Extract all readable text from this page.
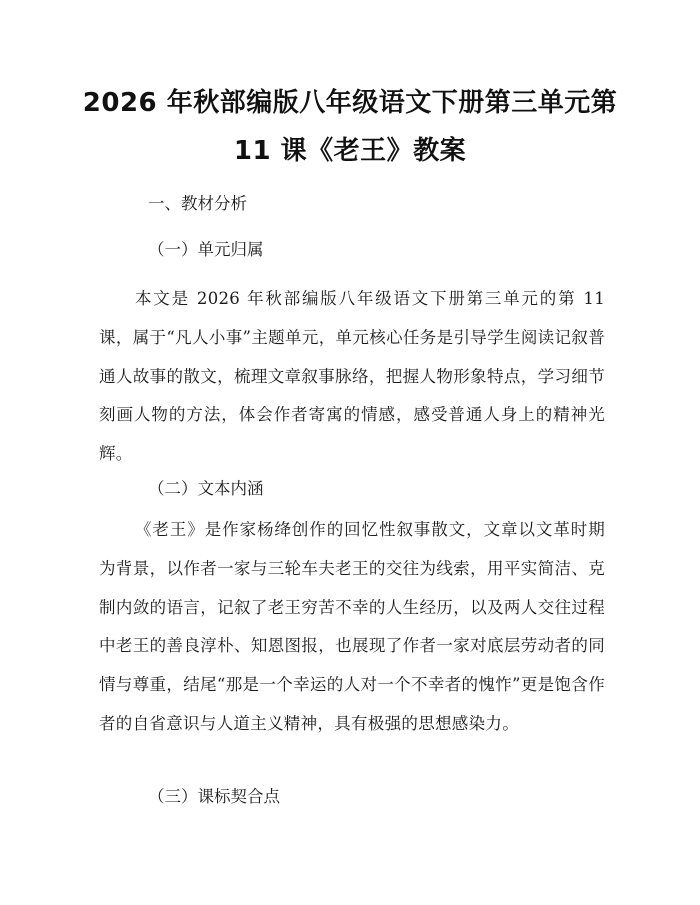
2026 年秋部编版八年级语文下册第三单元第
11 课《老王》教案
一、教材分析
（一）单元归属
本文是 2026 年秋部编版八年级语文下册第三单元的第 11 课，属于“凡人小事”主题单元，单元核心任务是引导学生阅读记叙普通人故事的散文，梳理文章叙事脉络，把握人物形象特点，学习细节刻画人物的方法，体会作者寄寓的情感，感受普通人身上的精神光辉。
（二）文本内涵
《老王》是作家杨绛创作的回忆性叙事散文，文章以文革时期为背景，以作者一家与三轮车夫老王的交往为线索，用平实简洁、克制内敛的语言，记叙了老王穷苦不幸的人生经历，以及两人交往过程中老王的善良淳朴、知恩图报，也展现了作者一家对底层劳动者的同情与尊重，结尾“那是一个幸运的人对一个不幸者的愧怍”更是饱含作者的自省意识与人道主义精神，具有极强的思想感染力。
（三）课标契合点
